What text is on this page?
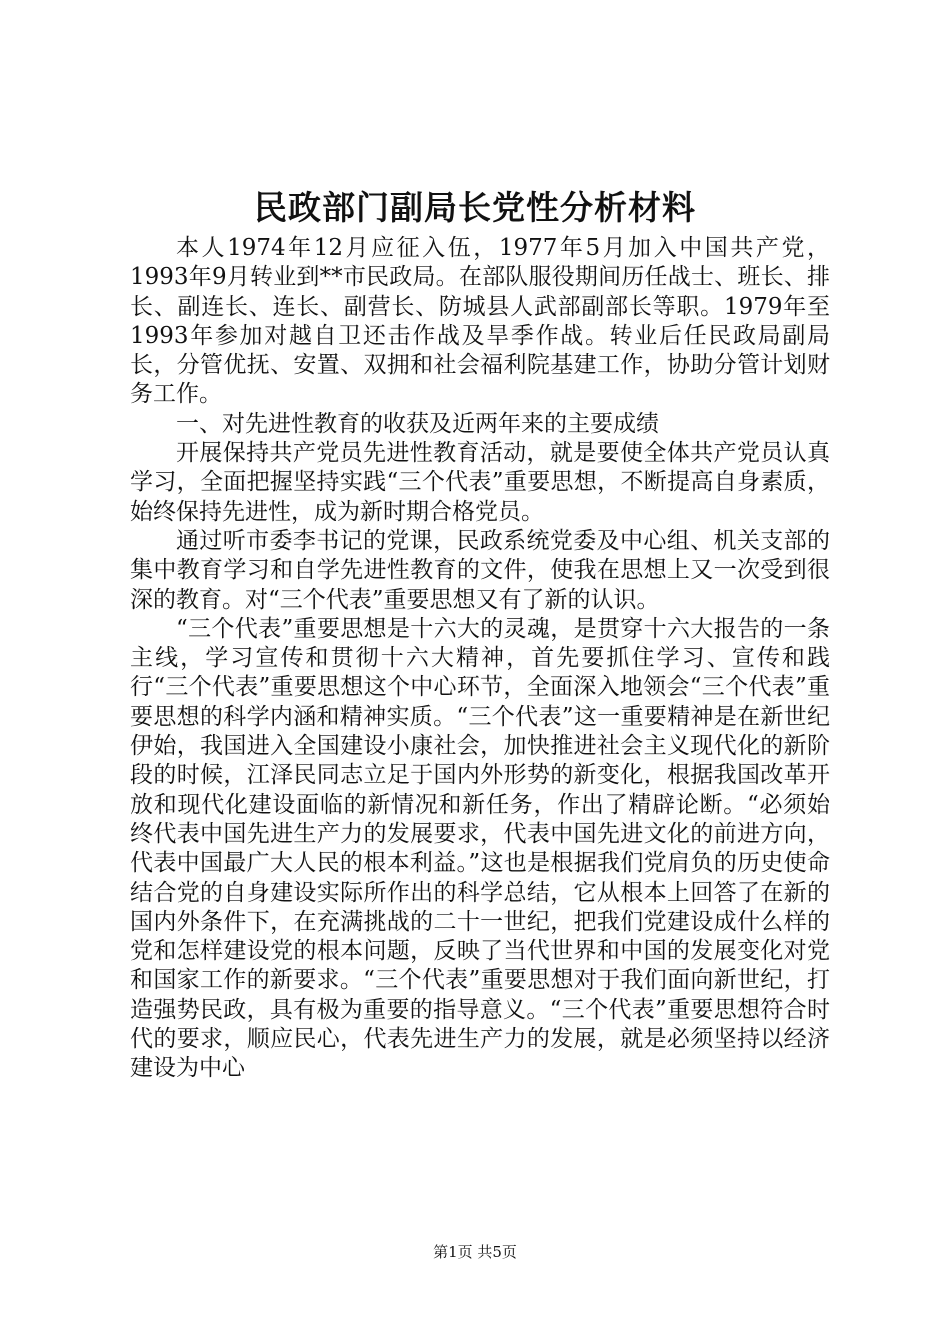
民政部门副局长党性分析材料

本人1974年12月应征入伍，1977年5月加入中国共产党，1993年9月转业到**市民政局。在部队服役期间历任战士、班长、排长、副连长、连长、副营长、防城县人武部副部长等职。1979年至1993年参加对越自卫还击作战及旱季作战。转业后任民政局副局长，分管优抚、安置、双拥和社会福利院基建工作，协助分管计划财务工作。

一、对先进性教育的收获及近两年来的主要成绩

开展保持共产党员先进性教育活动，就是要使全体共产党员认真学习，全面把握坚持实践“三个代表”重要思想，不断提高自身素质，始终保持先进性，成为新时期合格党员。

通过听市委李书记的党课，民政系统党委及中心组、机关支部的集中教育学习和自学先进性教育的文件，使我在思想上又一次受到很深的教育。对“三个代表”重要思想又有了新的认识。

“三个代表”重要思想是十六大的灵魂，是贯穿十六大报告的一条主线，学习宣传和贯彻十六大精神，首先要抓住学习、宣传和践行“三个代表”重要思想这个中心环节，全面深入地领会“三个代表”重要思想的科学内涵和精神实质。“三个代表”这一重要精神是在新世纪伊始，我国进入全国建设小康社会，加快推进社会主义现代化的新阶段的时候，江泽民同志立足于国内外形势的新变化，根据我国改革开放和现代化建设面临的新情况和新任务，作出了精辟论断。“必须始终代表中国先进生产力的发展要求，代表中国先进文化的前进方向，代表中国最广大人民的根本利益。”这也是根据我们党肩负的历史使命结合党的自身建设实际所作出的科学总结，它从根本上回答了在新的国内外条件下，在充满挑战的二十一世纪，把我们党建设成什么样的党和怎样建设党的根本问题，反映了当代世界和中国的发展变化对党和国家工作的新要求。“三个代表”重要思想对于我们面向新世纪，打造强势民政，具有极为重要的指导意义。“三个代表”重要思想符合时代的要求，顺应民心，代表先进生产力的发展，就是必须坚持以经济建设为中心

第1页 共5页
